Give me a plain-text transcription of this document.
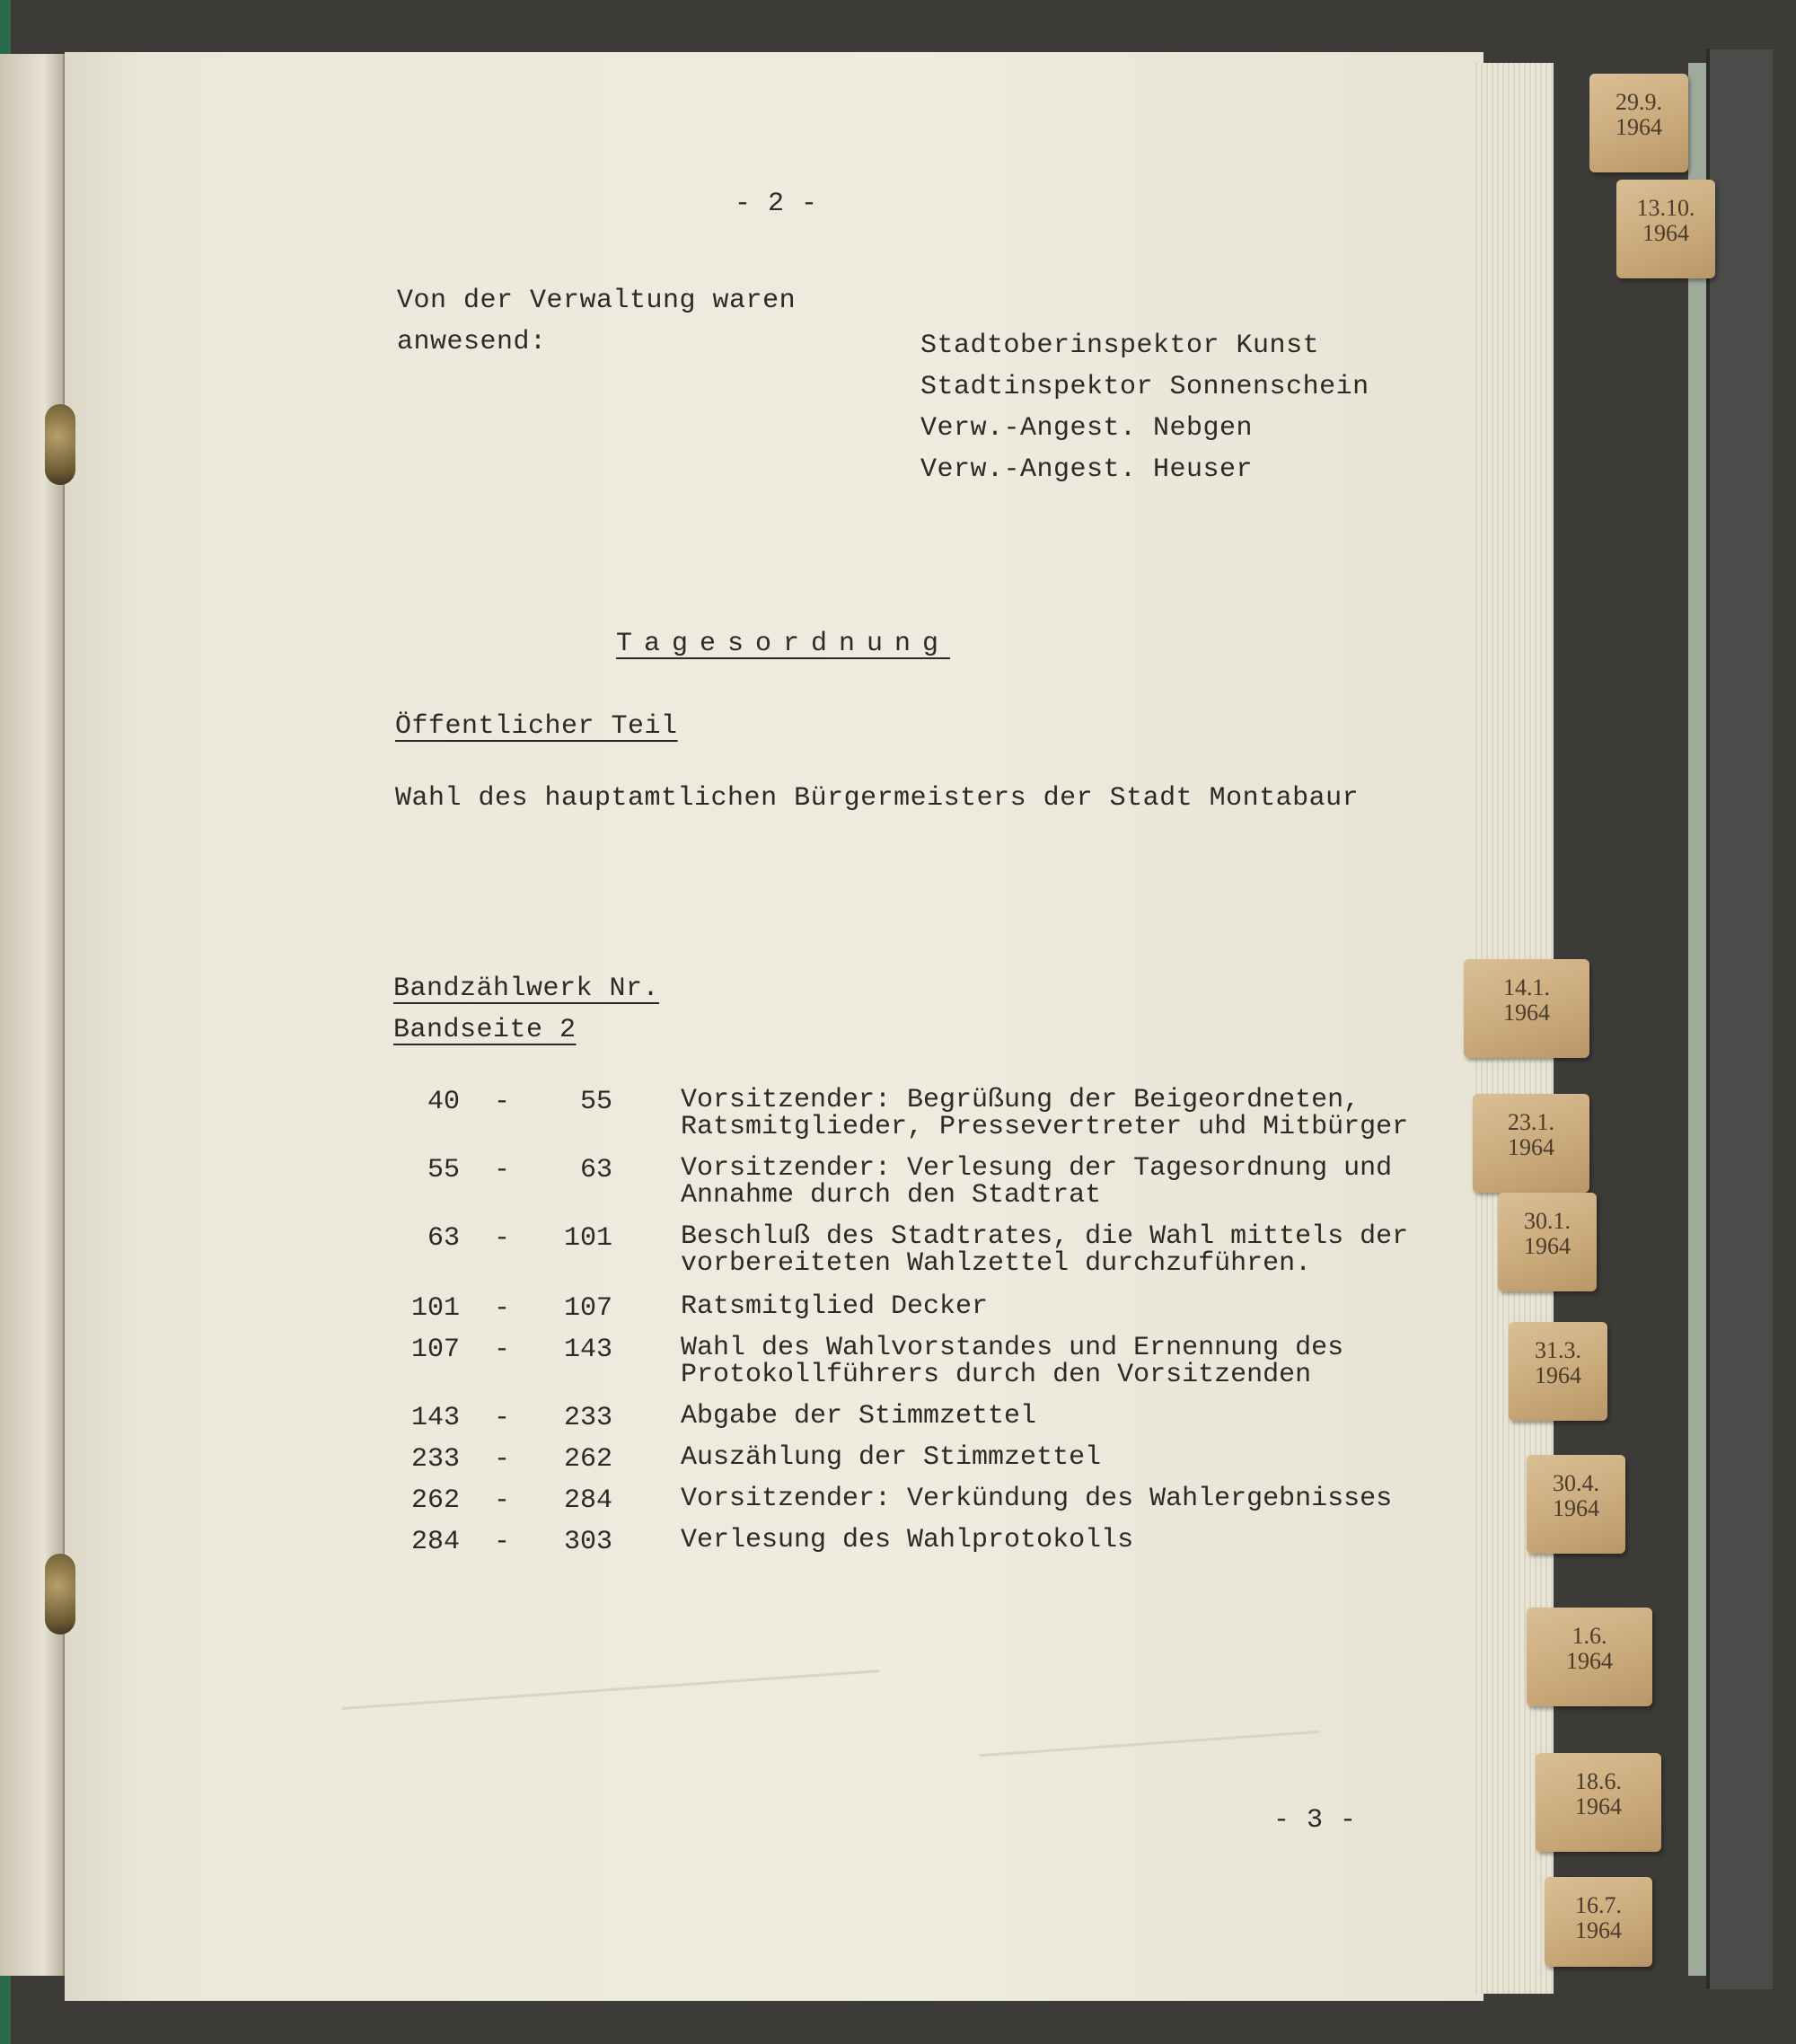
- 2 -
Von der Verwaltung waren
anwesend:	Stadtoberinspektor Kunst
Stadtinspektor Sonnenschein
Verw.-Angest. Nebgen
Verw.-Angest. Heuser
Tagesordnung
Öffentlicher Teil
Wahl des hauptamtlichen Bürgermeisters der Stadt Montabaur
Bandzählwerk Nr.
Bandseite 2
40 -	55	Vorsitzender: Begrüßung der Beigeordneten,
Ratsmitglieder, Pressevertreter uhd Mitbürger
55 -	63	Vorsitzender: Verlesung der Tagesordnung und
Annahme durch den Stadtrat
63 -	101	Beschluß des Stadtrates, die Wahl mittels der
vorbereiteten Wahlzettel durchzuführen.
101 -	107	Ratsmitglied Decker
107 -	143	Wahl des Wahlvorstandes und Ernennung des
Protokollführers durch den Vorsitzenden
143 -	233	Abgabe der Stimmzettel
233 -	262	Auszählung der Stimmzettel
262 -	284	Vorsitzender: Verkündung des Wahlergebnisses
284 -	303	Verlesung des Wahlprotokolls
- 3 -
29.9.
1964
13.10.
1964
14.1.
1964
23.1.
1964
30.1.
1964
31.3.
1964
30.4.
1964
1.6.
1964
18.6.
1964
16.7.
1964
